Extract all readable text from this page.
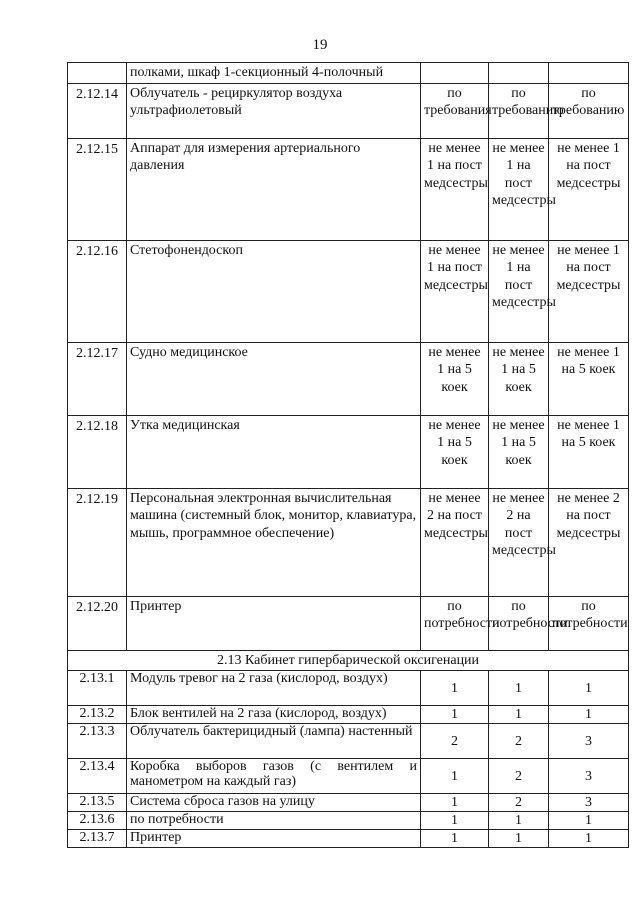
19
	полками, шкаф 1-секционный 4-полочный			
2.12.14	Облучатель - рециркулятор воздуха ультрафиолетовый	по требования	по требованию	по требованию
2.12.15	Аппарат для измерения артериального давления	не менее 1 на пост медсестры	не менее 1 на пост медсестры	не менее 1 на пост медсестры
2.12.16	Стетофонендоскоп	не менее 1 на пост медсестры	не менее 1 на пост медсестры	не менее 1 на пост медсестры
2.12.17	Судно медицинское	не менее 1 на 5 коек	не менее 1 на 5 коек	не менее 1 на 5 коек
2.12.18	Утка медицинская	не менее 1 на 5 коек	не менее 1 на 5 коек	не менее 1 на 5 коек
2.12.19	Персональная электронная вычислительная машина (системный блок, монитор, клавиатура, мышь, программное обеспечение)	не менее 2 на пост медсестры	не менее 2 на пост медсестры	не менее 2 на пост медсестры
2.12.20	Принтер	по потребности	по потребности	по потребности
2.13 Кабинет гипербарической оксигенации				
2.13.1	Модуль тревог на 2 газа (кислород, воздух)	1	1	1
2.13.2	Блок вентилей на 2 газа (кислород, воздух)	1	1	1
2.13.3	Облучатель бактерицидный (лампа) настенный	2	2	3
2.13.4	Коробка выборов газов (с вентилем и манометром на каждый газ)	1	2	3
2.13.5	Система сброса газов на улицу	1	2	3
2.13.6	по потребности	1	1	1
2.13.7	Принтер	1	1	1
